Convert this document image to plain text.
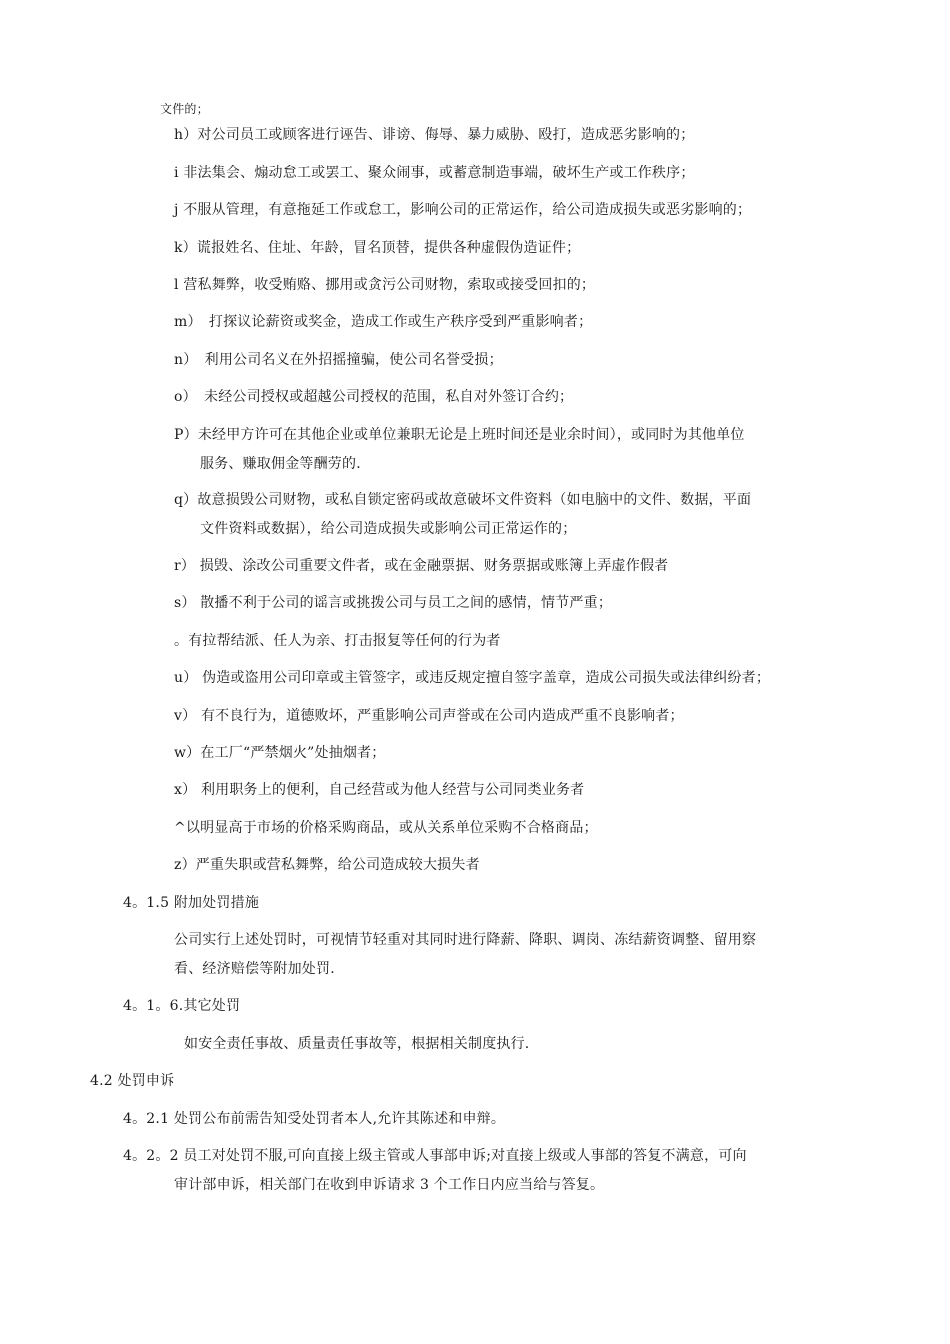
文件的；
h）对公司员工或顾客进行诬告、诽谤、侮辱、暴力威胁、殴打，造成恶劣影响的；
i 非法集会、煽动怠工或罢工、聚众闹事，或蓄意制造事端，破坏生产或工作秩序；
j 不服从管理，有意拖延工作或怠工，影响公司的正常运作，给公司造成损失或恶劣影响的；
k）谎报姓名、住址、年龄，冒名顶替，提供各种虚假伪造证件；
l 营私舞弊，收受贿赂、挪用或贪污公司财物，索取或接受回扣的；
m）　打探议论薪资或奖金，造成工作或生产秩序受到严重影响者；
n）　利用公司名义在外招摇撞骗，使公司名誉受损；
o）　未经公司授权或超越公司授权的范围，私自对外签订合约；
P）未经甲方许可在其他企业或单位兼职无论是上班时间还是业余时间），或同时为其他单位
服务、赚取佣金等酬劳的.
q）故意损毁公司财物，或私自锁定密码或故意破坏文件资料（如电脑中的文件、数据，平面
文件资料或数据），给公司造成损失或影响公司正常运作的；
r） 损毁、涂改公司重要文件者，或在金融票据、财务票据或账簿上弄虚作假者
s） 散播不利于公司的谣言或挑拨公司与员工之间的感情，情节严重；
。有拉帮结派、任人为亲、打击报复等任何的行为者
u） 伪造或盗用公司印章或主管签字，或违反规定擅自签字盖章，造成公司损失或法律纠纷者；
v） 有不良行为，道德败坏，严重影响公司声誉或在公司内造成严重不良影响者；
w）在工厂“严禁烟火”处抽烟者；
x） 利用职务上的便利，自己经营或为他人经营与公司同类业务者
^以明显高于市场的价格采购商品，或从关系单位采购不合格商品；
z）严重失职或营私舞弊，给公司造成较大损失者
4。1.5 附加处罚措施
公司实行上述处罚时，可视情节轻重对其同时进行降薪、降职、调岗、冻结薪资调整、留用察
看、经济赔偿等附加处罚.
4。1。6.其它处罚
如安全责任事故、质量责任事故等，根据相关制度执行.
4.2 处罚申诉
4。2.1 处罚公布前需告知受处罚者本人,允许其陈述和申辩。
4。2。2 员工对处罚不服,可向直接上级主管或人事部申诉;对直接上级或人事部的答复不满意，可向
审计部申诉，相关部门在收到申诉请求 3 个工作日内应当给与答复。
